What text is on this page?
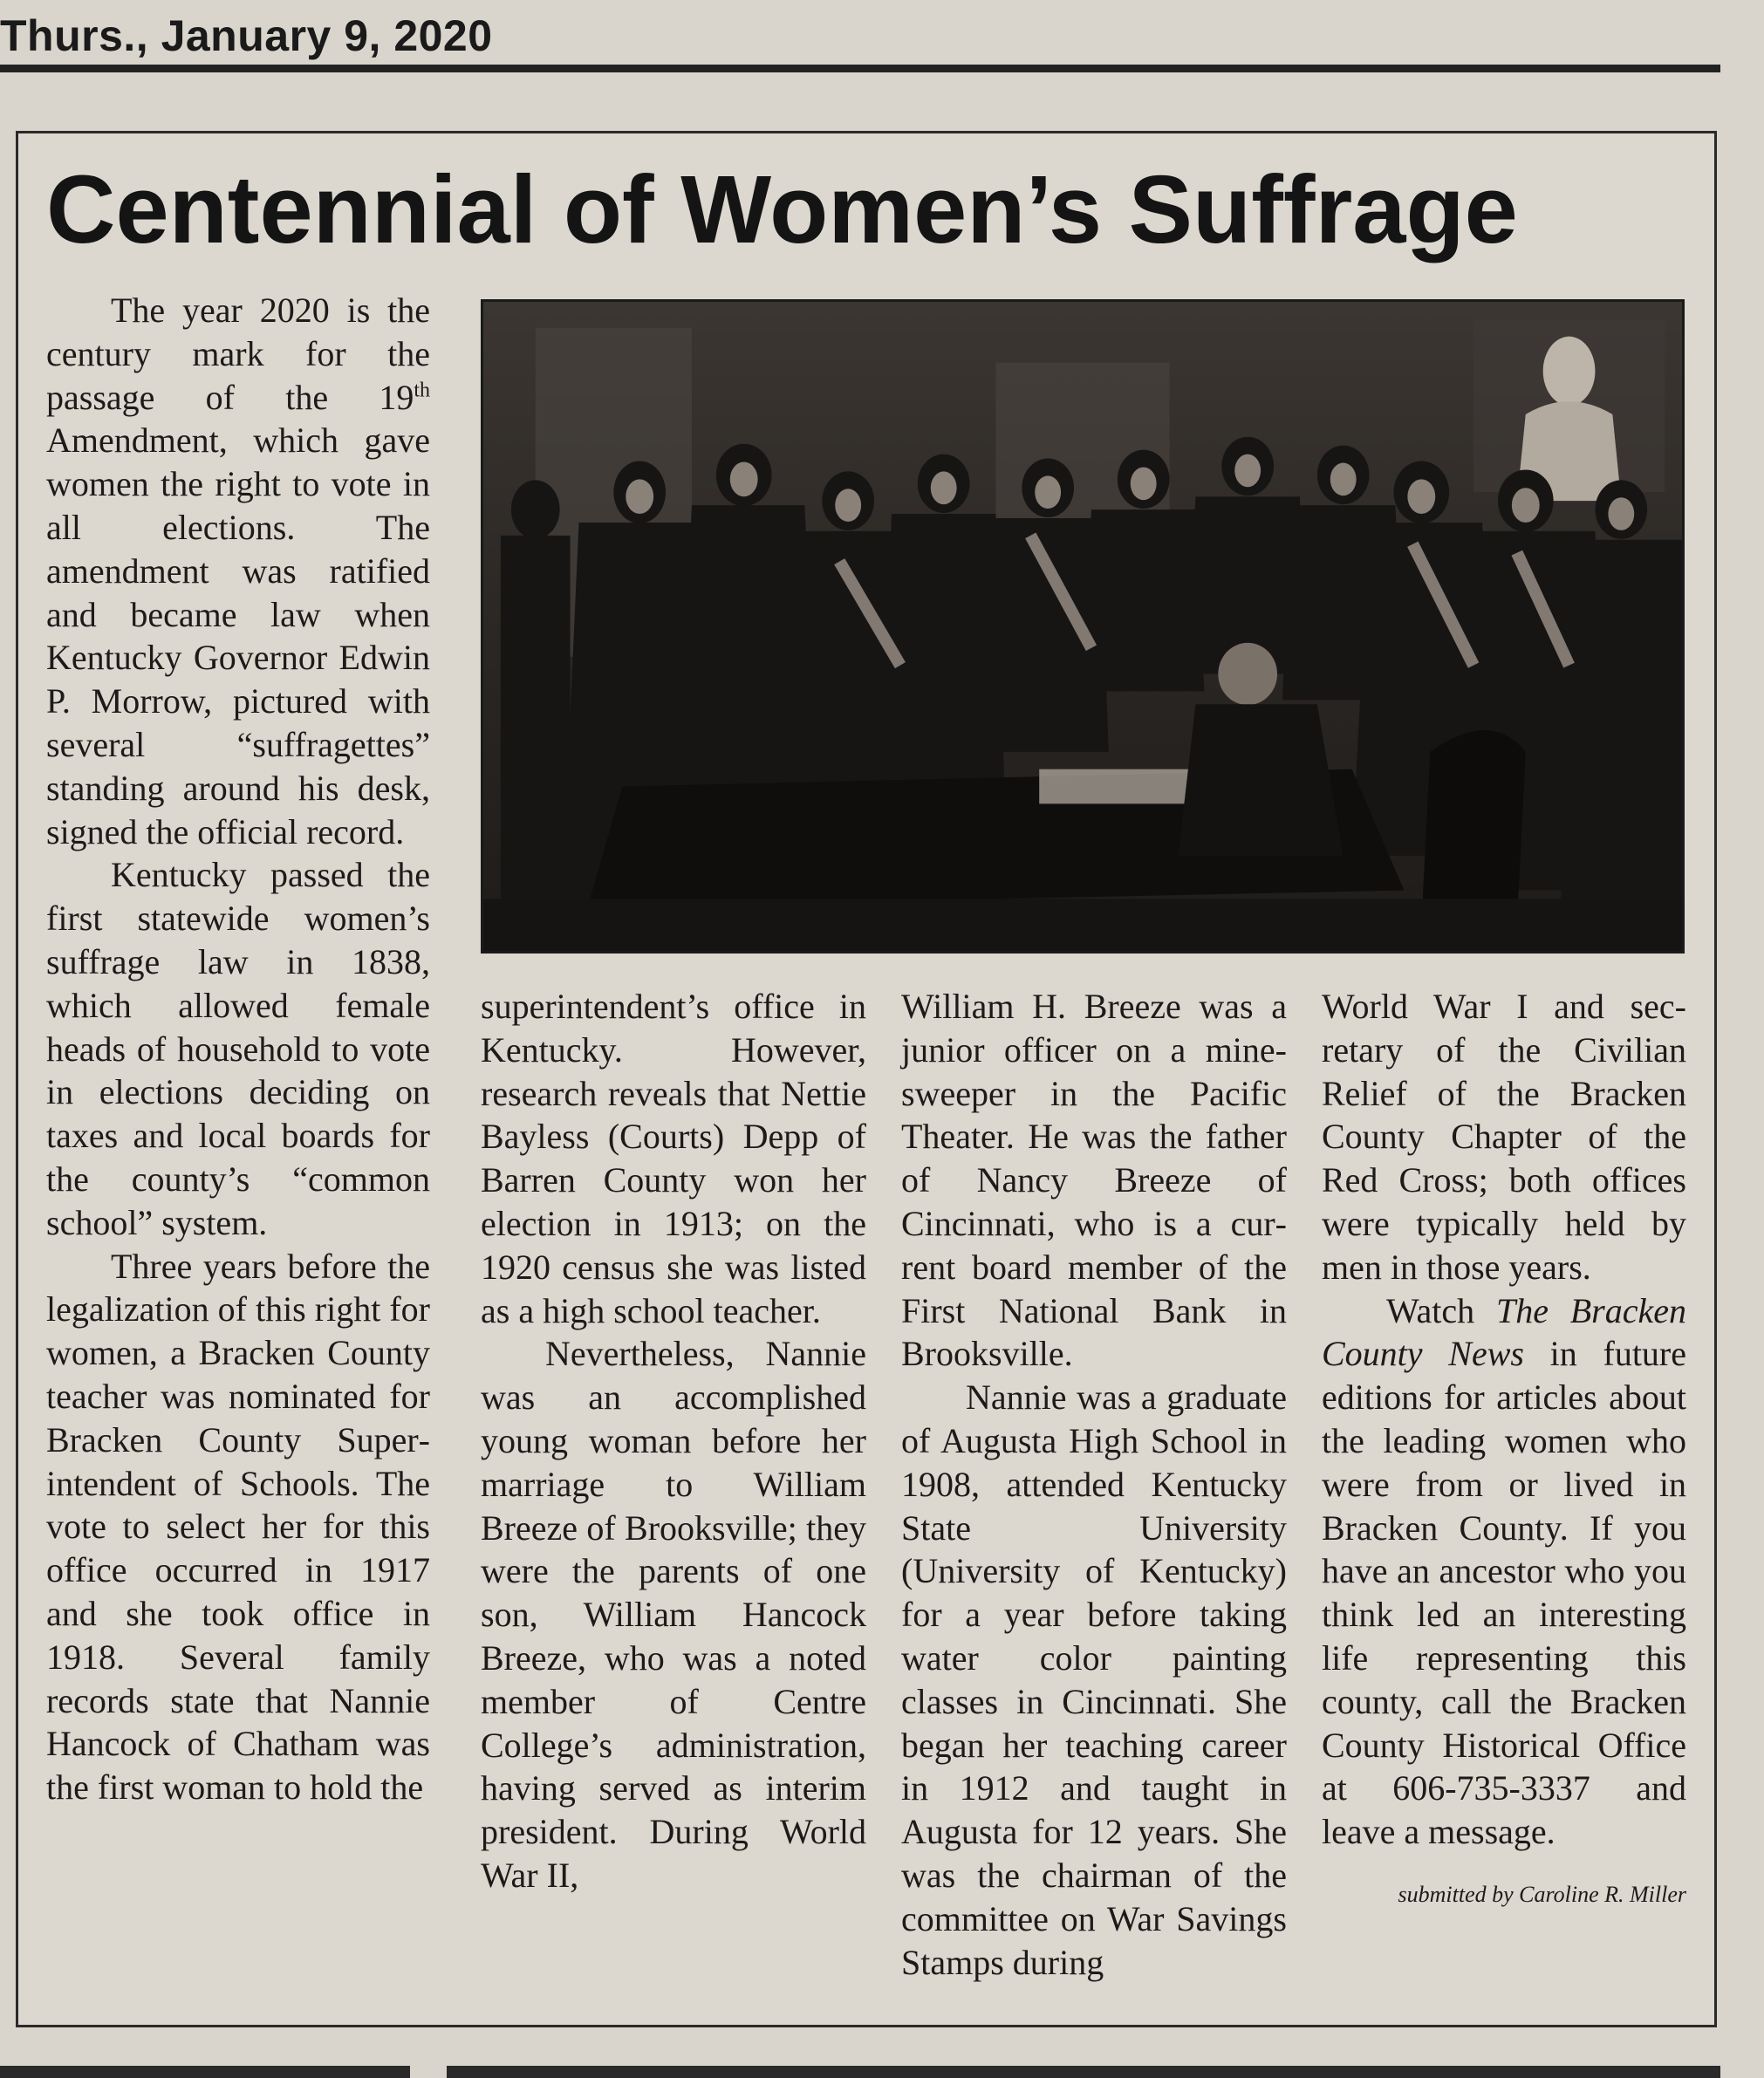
Thurs., January 9, 2020
Centennial of Women’s Suffrage

The year 2020 is the century mark for the passage of the 19th Amendment, which gave women the right to vote in all elections. The amendment was ratified and became law when Kentucky Governor Edwin P. Morrow, pictured with several “suffragettes” standing around his desk, signed the official record.

Kentucky passed the first statewide women’s suffrage law in 1838, which allowed female heads of household to vote in elections deciding on taxes and local boards for the county’s “common school” system.

Three years before the legalization of this right for women, a Bracken County teacher was nominated for Bracken County Superintendent of Schools. The vote to select her for this office occurred in 1917 and she took office in 1918. Several family records state that Nannie Hancock of Chatham was the first woman to hold the

superintendent’s office in Kentucky. However, research reveals that Nettie Bayless (Courts) Depp of Barren County won her election in 1913; on the 1920 census she was listed as a high school teacher.

Nevertheless, Nannie was an accomplished young woman before her marriage to William Breeze of Brooksville; they were the parents of one son, William Hancock Breeze, who was a noted member of Centre College’s administration, having served as interim president. During World War II,

William H. Breeze was a junior officer on a minesweeper in the Pacific Theater. He was the father of Nancy Breeze of Cincinnati, who is a current board member of the First National Bank in Brooksville.

Nannie was a graduate of Augusta High School in 1908, attended Kentucky State University (University of Kentucky) for a year before taking water color painting classes in Cincinnati. She began her teaching career in 1912 and taught in Augusta for 12 years. She was the chairman of the committee on War Savings Stamps during

World War I and secretary of the Civilian Relief of the Bracken County Chapter of the Red Cross; both offices were typically held by men in those years.

Watch The Bracken County News in future editions for articles about the leading women who were from or lived in Bracken County. If you have an ancestor who you think led an interesting life representing this county, call the Bracken County Historical Office at 606-735-3337 and leave a message.

submitted by Caroline R. Miller
